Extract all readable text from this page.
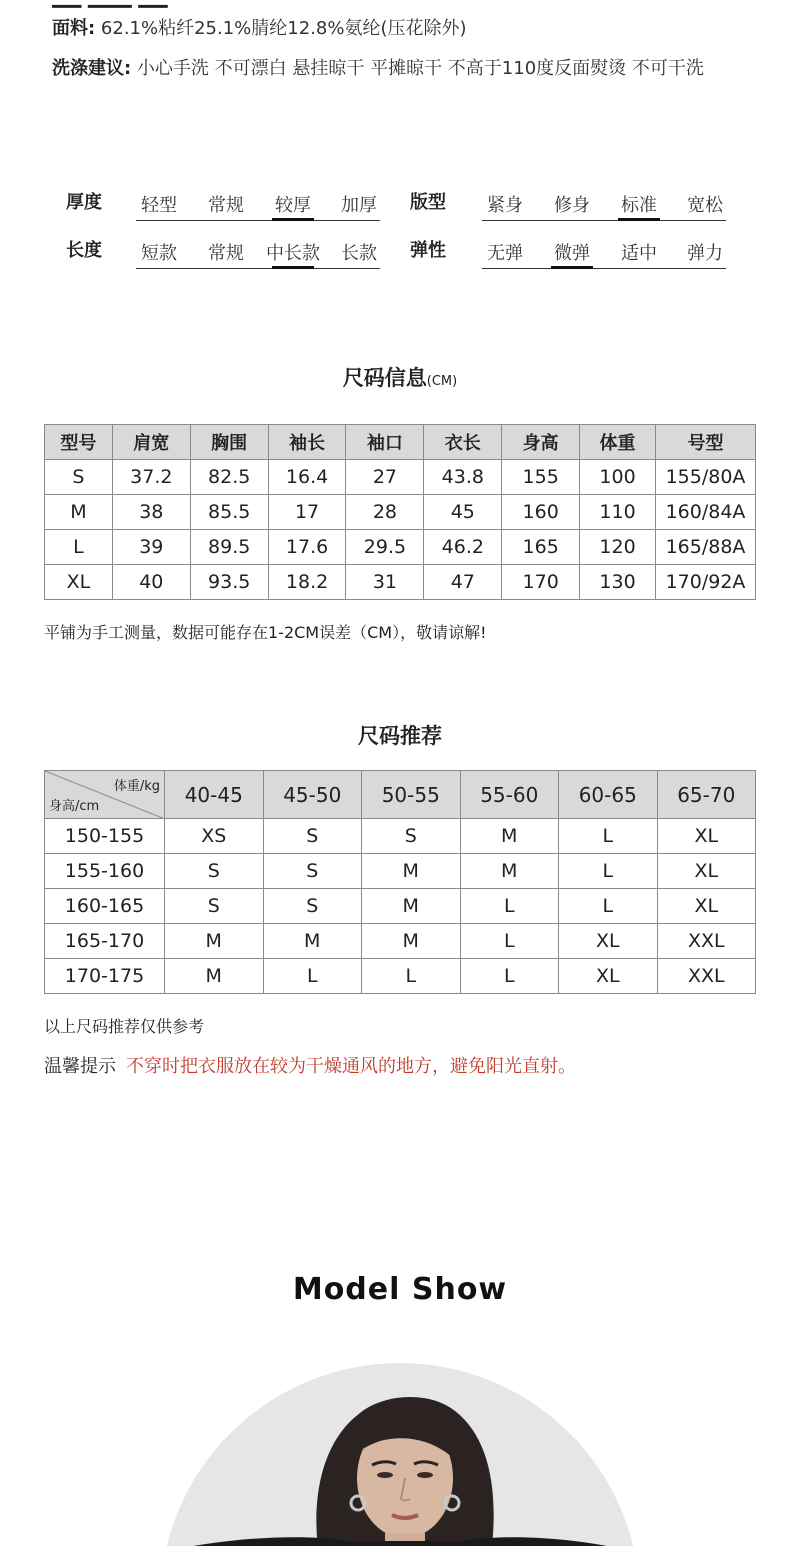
面料: 62.1%粘纤25.1%腈纶12.8%氨纶(压花除外)
洗涤建议: 小心手洗 不可漂白 悬挂晾干 平摊晾干 不高于110度反面熨烫 不可干洗
厚度	轻型	常规	较厚	加厚	版型	紧身	修身	标准	宽松
长度	短款	常规	中长款	长款	弹性	无弹	微弹	适中	弹力
尺码信息(CM)
型号	肩宽	胸围	袖长	袖口	衣长	身高	体重	号型
S	37.2	82.5	16.4	27	43.8	155	100	155/80A
M	38	85.5	17	28	45	160	110	160/84A
L	39	89.5	17.6	29.5	46.2	165	120	165/88A
XL	40	93.5	18.2	31	47	170	130	170/92A
平铺为手工测量，数据可能存在1-2CM误差（CM），敬请谅解!
尺码推荐
体重/kg
身高/cm	40-45	45-50	50-55	55-60	60-65	65-70
150-155	XS	S	S	M	L	XL
155-160	S	S	M	M	L	XL
160-165	S	S	M	L	L	XL
165-170	M	M	M	L	XL	XXL
170-175	M	L	L	L	XL	XXL
以上尺码推荐仅供参考
温馨提示 不穿时把衣服放在较为干燥通风的地方，避免阳光直射。
Model Show
